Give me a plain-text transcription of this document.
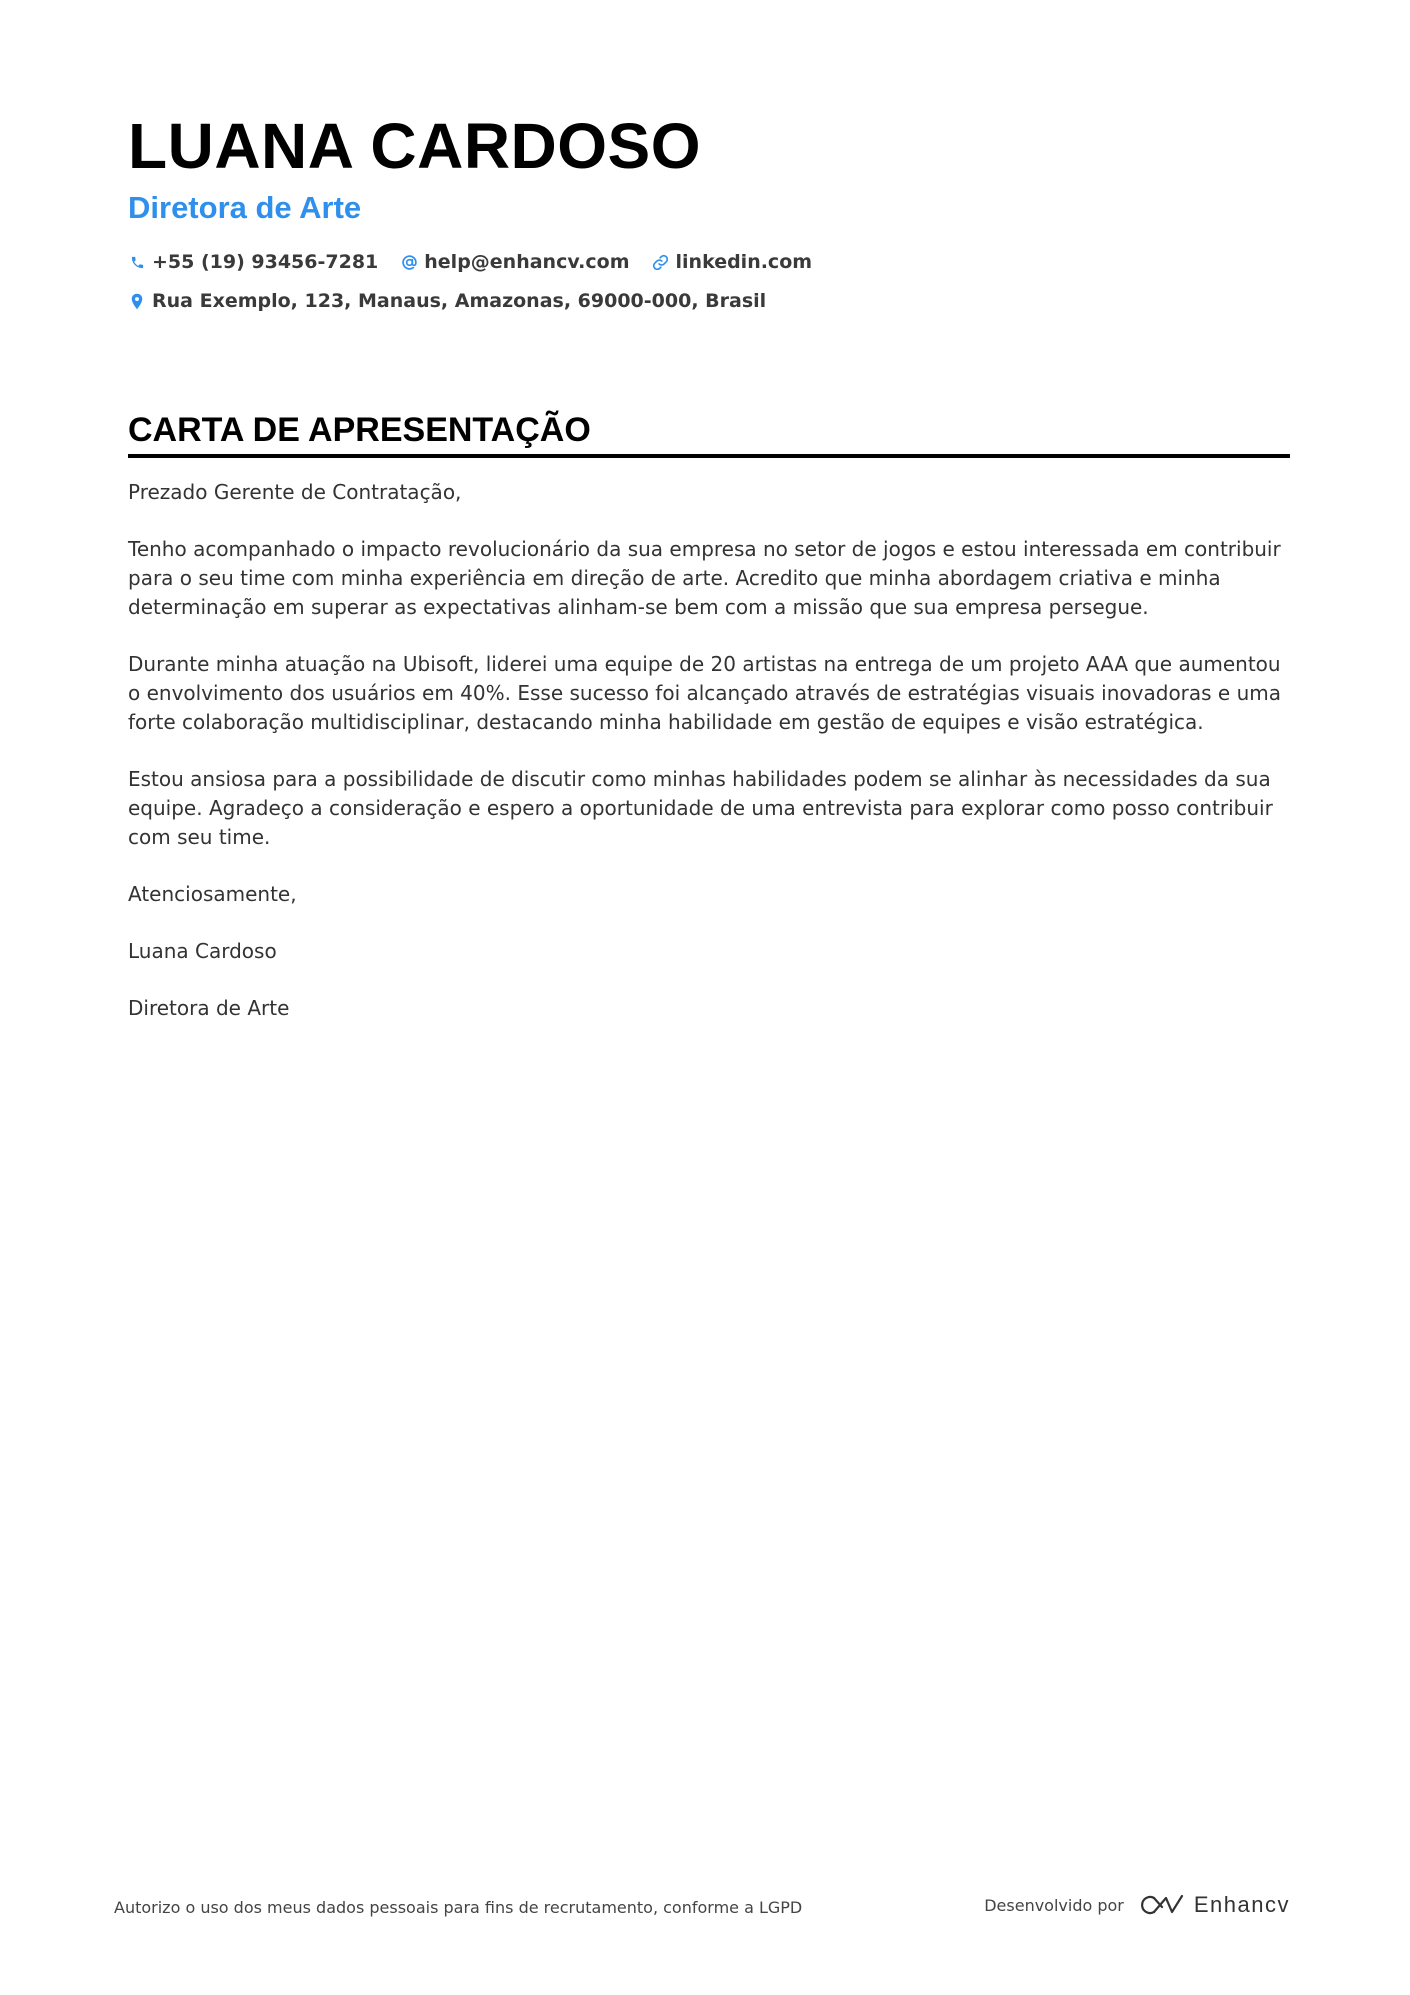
LUANA CARDOSO
Diretora de Arte
+55 (19) 93456-7281 help@enhancv.com linkedin.com
Rua Exemplo, 123, Manaus, Amazonas, 69000-000, Brasil
CARTA DE APRESENTAÇÃO

Prezado Gerente de Contratação,

Tenho acompanhado o impacto revolucionário da sua empresa no setor de jogos e estou interessada em contribuir para o seu time com minha experiência em direção de arte. Acredito que minha abordagem criativa e minha determinação em superar as expectativas alinham-se bem com a missão que sua empresa persegue.

Durante minha atuação na Ubisoft, liderei uma equipe de 20 artistas na entrega de um projeto AAA que aumentou o envolvimento dos usuários em 40%. Esse sucesso foi alcançado através de estratégias visuais inovadoras e uma forte colaboração multidisciplinar, destacando minha habilidade em gestão de equipes e visão estratégica.

Estou ansiosa para a possibilidade de discutir como minhas habilidades podem se alinhar às necessidades da sua equipe. Agradeço a consideração e espero a oportunidade de uma entrevista para explorar como posso contribuir com seu time.

Atenciosamente,

Luana Cardoso

Diretora de Arte

Autorizo o uso dos meus dados pessoais para fins de recrutamento, conforme a LGPD	Desenvolvido por	Enhancv
